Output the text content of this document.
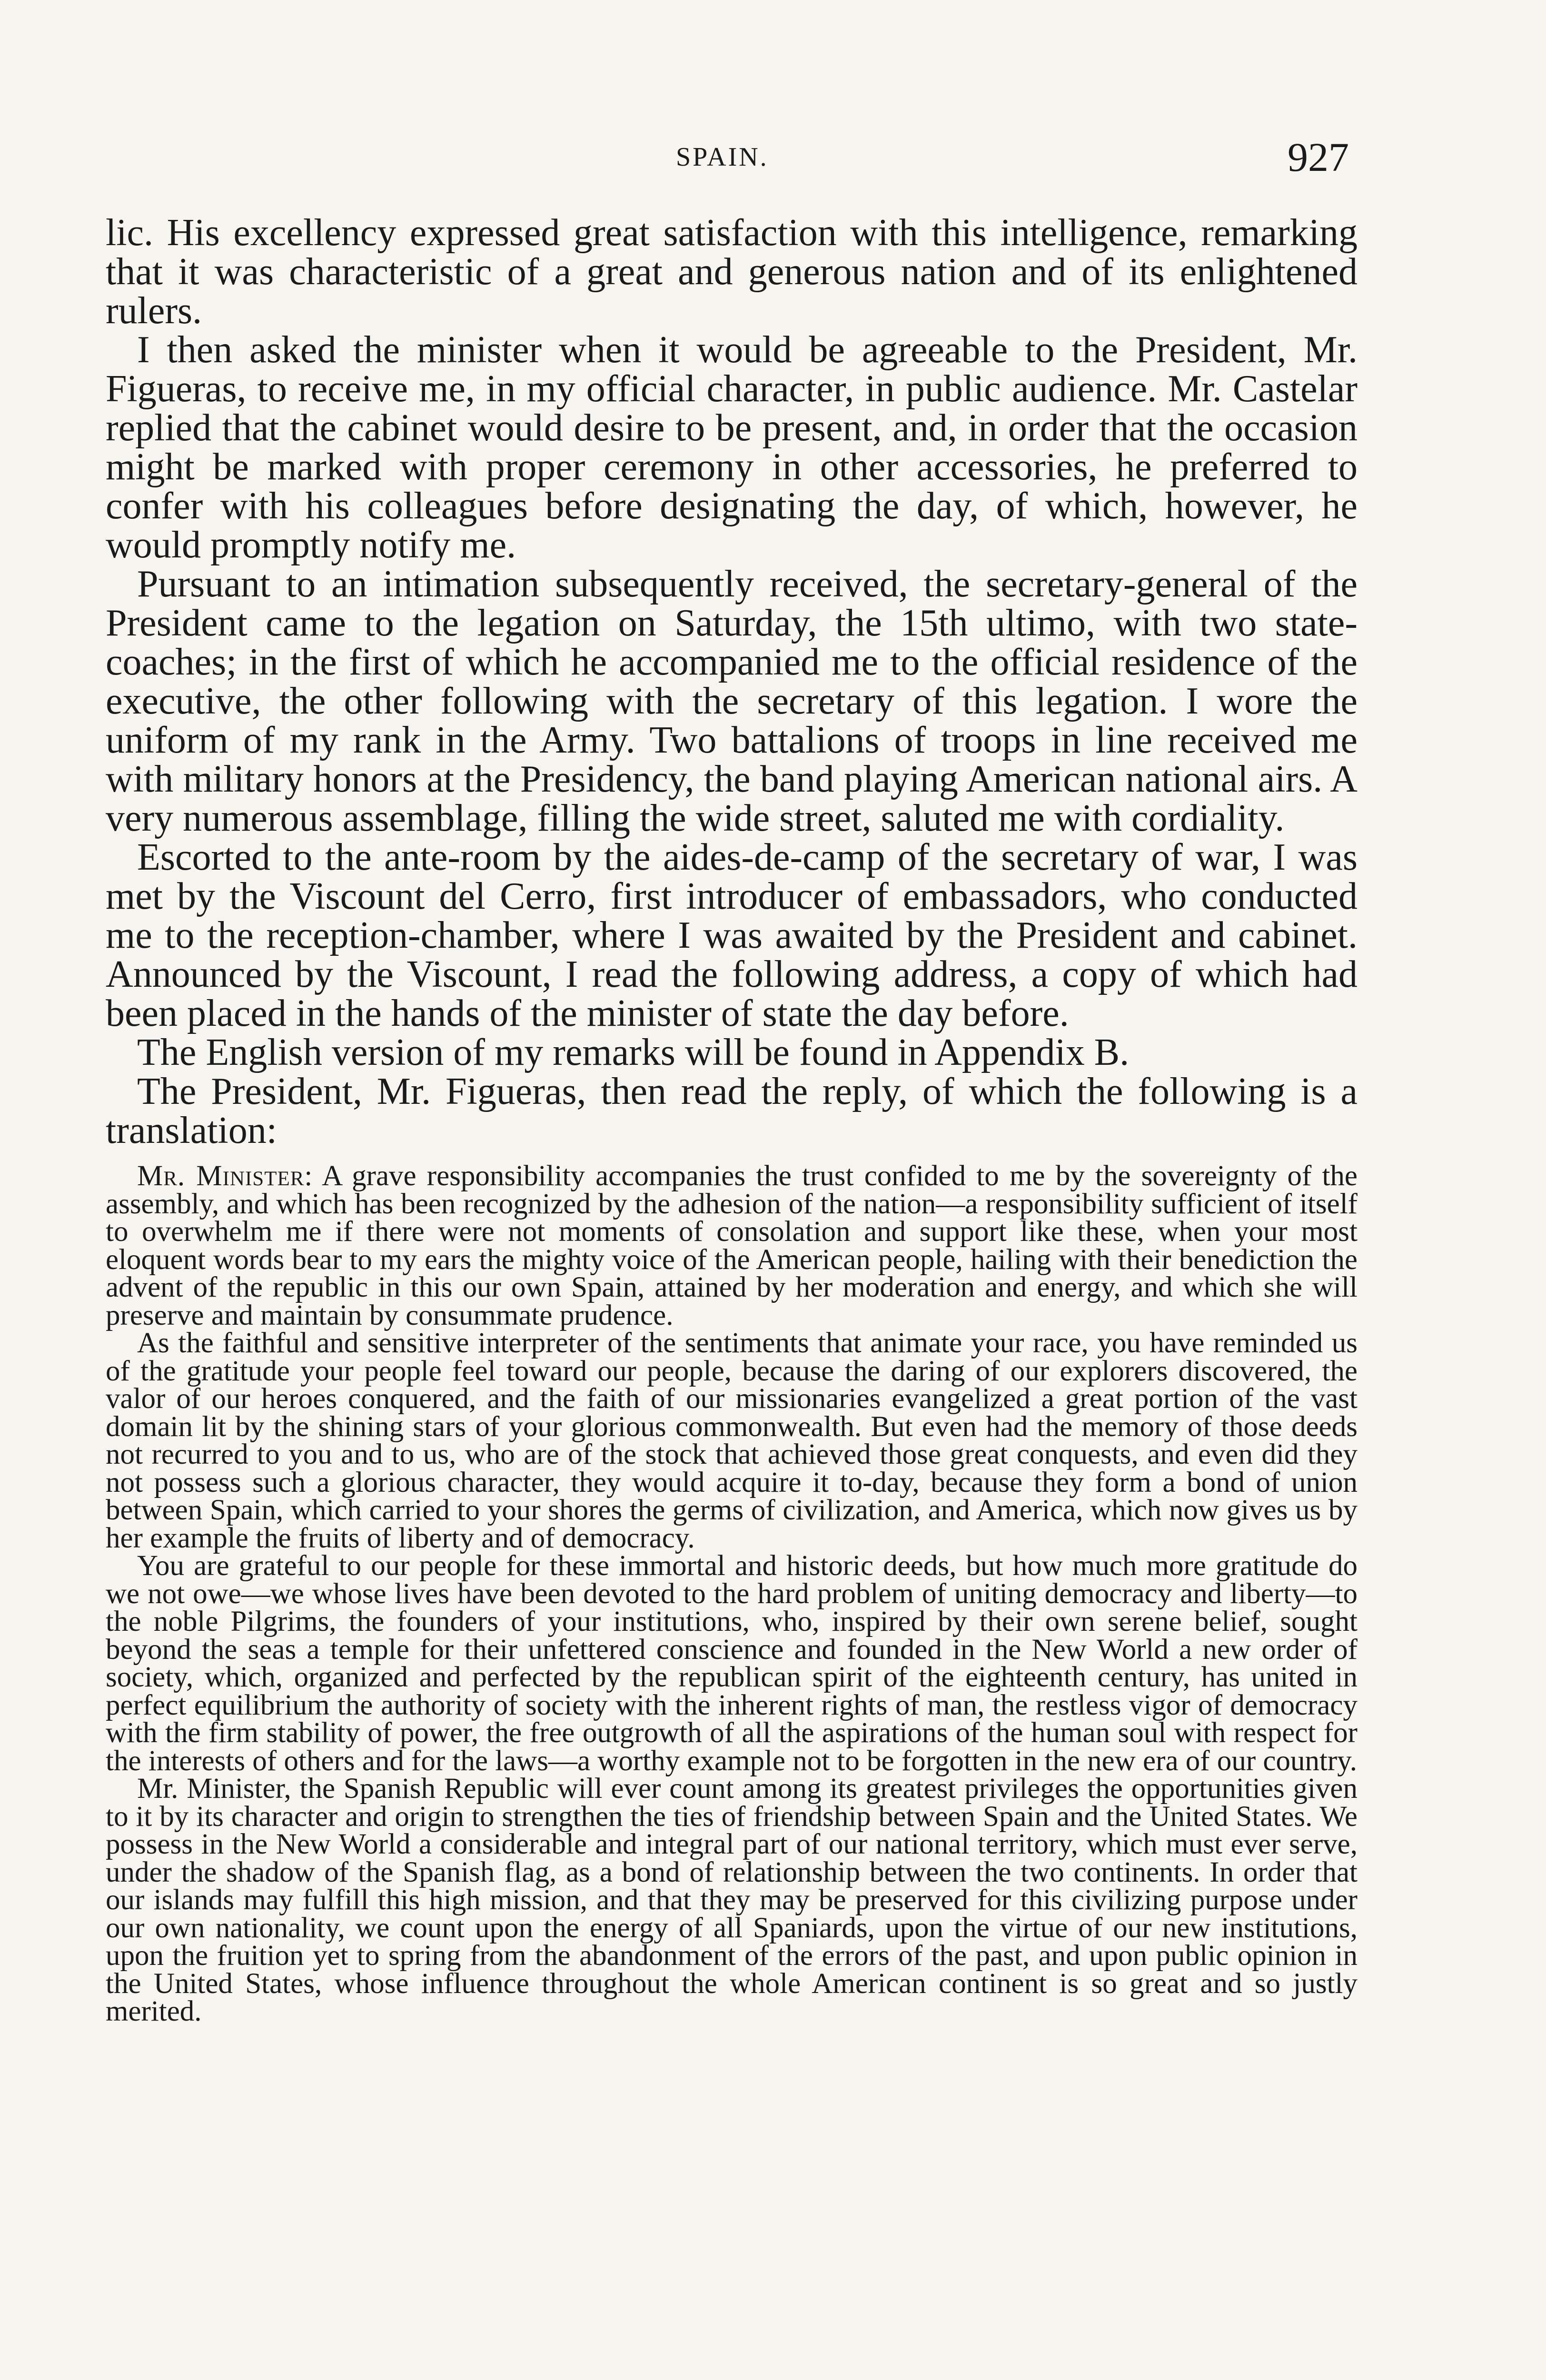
SPAIN.	927

lic. His excellency expressed great satisfaction with this intelligence, remarking that it was characteristic of a great and generous nation and of its enlightened rulers.

I then asked the minister when it would be agreeable to the President, Mr. Figueras, to receive me, in my official character, in public audience. Mr. Castelar replied that the cabinet would desire to be present, and, in order that the occasion might be marked with proper ceremony in other accessories, he preferred to confer with his colleagues before designating the day, of which, however, he would promptly notify me.

Pursuant to an intimation subsequently received, the secretary-general of the President came to the legation on Saturday, the 15th ultimo, with two state-coaches; in the first of which he accompanied me to the official residence of the executive, the other following with the secretary of this legation. I wore the uniform of my rank in the Army. Two battalions of troops in line received me with military honors at the Presidency, the band playing American national airs. A very numerous assemblage, filling the wide street, saluted me with cordiality.

Escorted to the ante-room by the aides-de-camp of the secretary of war, I was met by the Viscount del Cerro, first introducer of embassadors, who conducted me to the reception-chamber, where I was awaited by the President and cabinet. Announced by the Viscount, I read the following address, a copy of which had been placed in the hands of the minister of state the day before.

The English version of my remarks will be found in Appendix B.

The President, Mr. Figueras, then read the reply, of which the following is a translation:

Mr. Minister: A grave responsibility accompanies the trust confided to me by the sovereignty of the assembly, and which has been recognized by the adhesion of the nation—a responsibility sufficient of itself to overwhelm me if there were not moments of consolation and support like these, when your most eloquent words bear to my ears the mighty voice of the American people, hailing with their benediction the advent of the republic in this our own Spain, attained by her moderation and energy, and which she will preserve and maintain by consummate prudence.

As the faithful and sensitive interpreter of the sentiments that animate your race, you have reminded us of the gratitude your people feel toward our people, because the daring of our explorers discovered, the valor of our heroes conquered, and the faith of our missionaries evangelized a great portion of the vast domain lit by the shining stars of your glorious commonwealth. But even had the memory of those deeds not recurred to you and to us, who are of the stock that achieved those great conquests, and even did they not possess such a glorious character, they would acquire it to-day, because they form a bond of union between Spain, which carried to your shores the germs of civilization, and America, which now gives us by her example the fruits of liberty and of democracy.

You are grateful to our people for these immortal and historic deeds, but how much more gratitude do we not owe—we whose lives have been devoted to the hard problem of uniting democracy and liberty—to the noble Pilgrims, the founders of your institutions, who, inspired by their own serene belief, sought beyond the seas a temple for their unfettered conscience and founded in the New World a new order of society, which, organized and perfected by the republican spirit of the eighteenth century, has united in perfect equilibrium the authority of society with the inherent rights of man, the restless vigor of democracy with the firm stability of power, the free outgrowth of all the aspirations of the human soul with respect for the interests of others and for the laws—a worthy example not to be forgotten in the new era of our country.

Mr. Minister, the Spanish Republic will ever count among its greatest privileges the opportunities given to it by its character and origin to strengthen the ties of friendship between Spain and the United States. We possess in the New World a considerable and integral part of our national territory, which must ever serve, under the shadow of the Spanish flag, as a bond of relationship between the two continents. In order that our islands may fulfill this high mission, and that they may be preserved for this civilizing purpose under our own nationality, we count upon the energy of all Spaniards, upon the virtue of our new institutions, upon the fruition yet to spring from the abandonment of the errors of the past, and upon public opinion in the United States, whose influence throughout the whole American continent is so great and so justly merited.
